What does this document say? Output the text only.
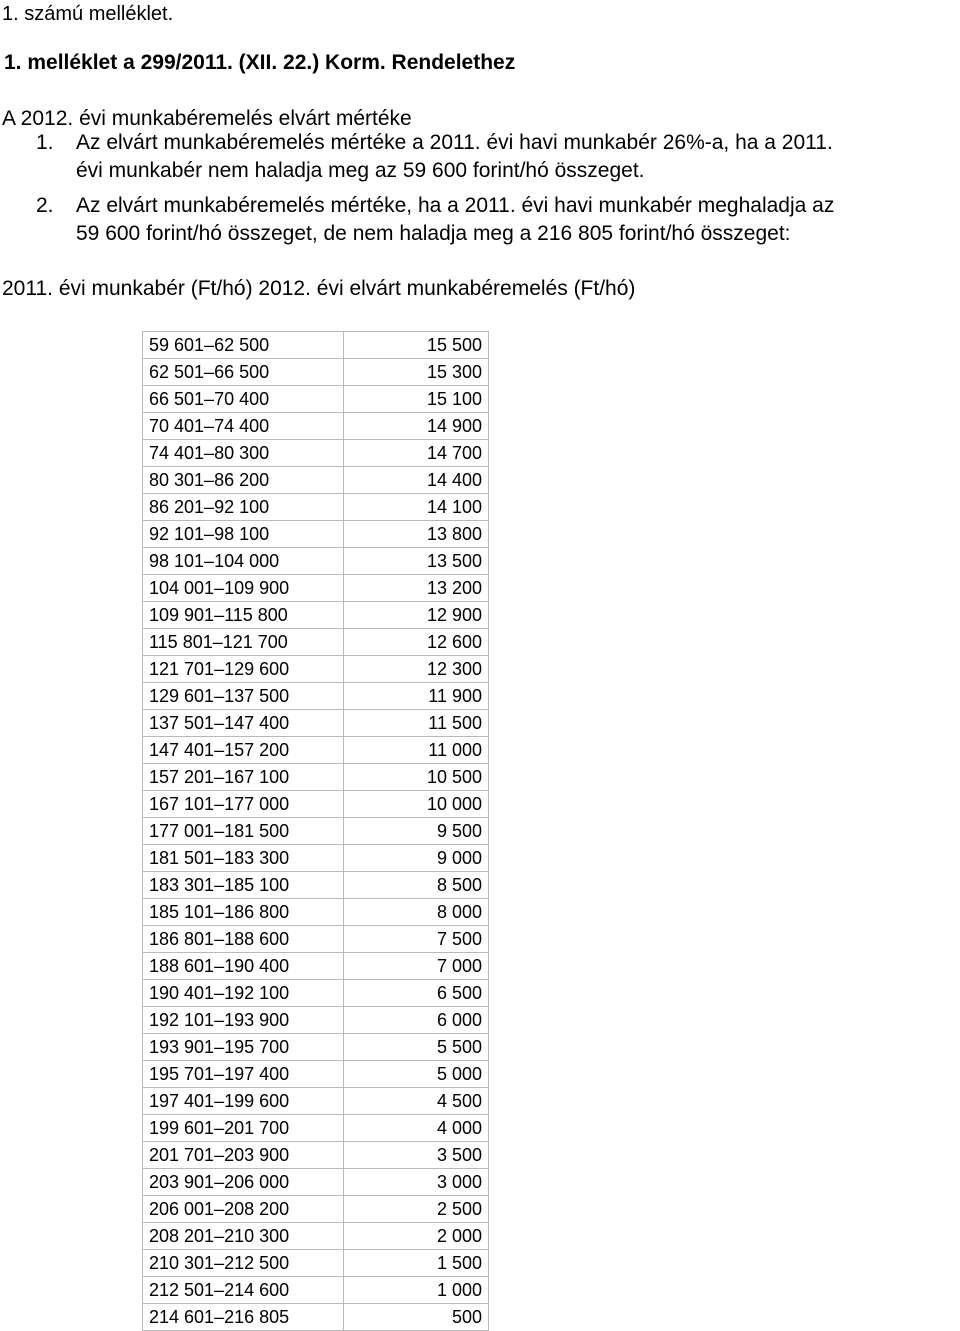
1. számú melléklet.
1. melléklet a 299/2011. (XII. 22.) Korm. Rendelethez
A 2012. évi munkabéremelés elvárt mértéke
1. Az elvárt munkabéremelés mértéke a 2011. évi havi munkabér 26%-a, ha a 2011.
évi munkabér nem haladja meg az 59 600 forint/hó összeget.
2. Az elvárt munkabéremelés mértéke, ha a 2011. évi havi munkabér meghaladja az
59 600 forint/hó összeget, de nem haladja meg a 216 805 forint/hó összeget:
2011. évi munkabér (Ft/hó) 2012. évi elvárt munkabéremelés (Ft/hó)
59 601–62 500	15 500
62 501–66 500	15 300
66 501–70 400	15 100
70 401–74 400	14 900
74 401–80 300	14 700
80 301–86 200	14 400
86 201–92 100	14 100
92 101–98 100	13 800
98 101–104 000	13 500
104 001–109 900	13 200
109 901–115 800	12 900
115 801–121 700	12 600
121 701–129 600	12 300
129 601–137 500	11 900
137 501–147 400	11 500
147 401–157 200	11 000
157 201–167 100	10 500
167 101–177 000	10 000
177 001–181 500	9 500
181 501–183 300	9 000
183 301–185 100	8 500
185 101–186 800	8 000
186 801–188 600	7 500
188 601–190 400	7 000
190 401–192 100	6 500
192 101–193 900	6 000
193 901–195 700	5 500
195 701–197 400	5 000
197 401–199 600	4 500
199 601–201 700	4 000
201 701–203 900	3 500
203 901–206 000	3 000
206 001–208 200	2 500
208 201–210 300	2 000
210 301–212 500	1 500
212 501–214 600	1 000
214 601–216 805	500
